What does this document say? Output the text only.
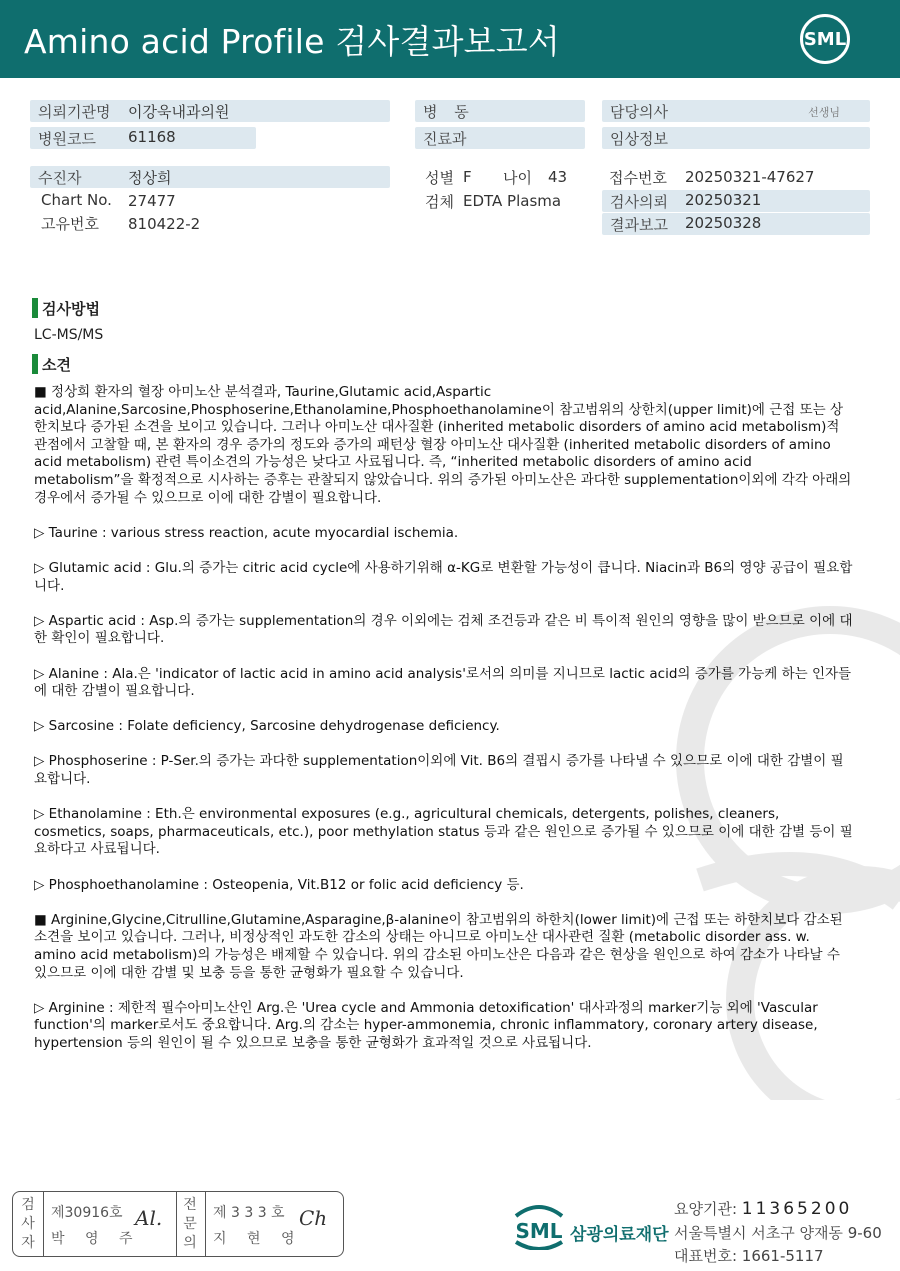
Amino acid Profile 검사결과보고서	SML
의뢰기관명 이강욱내과의원
병원코드 61168
병 동
진료과
담당의사	선생님
임상정보
수진자	정상희
Chart No. 27477
고유번호 810422-2
성별 F 나이 43
검체 EDTA Plasma
접수번호 20250321-47627
검사의뢰 20250321
결과보고 20250328
검사방법
LC-MS/MS
소견

■ 정상희 환자의 혈장 아미노산 분석결과, Taurine,Glutamic acid,Aspartic acid,Alanine,Sarcosine,Phosphoserine,Ethanolamine,Phosphoethanolamine이 참고범위의 상한치(upper limit)에 근접 또는 상한치보다 증가된 소견을 보이고 있습니다. 그러나 아미노산 대사질환 (inherited metabolic disorders of amino acid metabolism)적 관점에서 고찰할 때, 본 환자의 경우 증가의 정도와 증가의 패턴상 혈장 아미노산 대사질환 (inherited metabolic disorders of amino acid metabolism) 관련 특이소견의 가능성은 낮다고 사료됩니다. 즉, “inherited metabolic disorders of amino acid metabolism”을 확정적으로 시사하는 증후는 관찰되지 않았습니다. 위의 증가된 아미노산은 과다한 supplementation이외에 각각 아래의 경우에서 증가될 수 있으므로 이에 대한 감별이 필요합니다.

▷ Taurine : various stress reaction, acute myocardial ischemia.

▷ Glutamic acid : Glu.의 증가는 citric acid cycle에 사용하기위해 α-KG로 변환할 가능성이 큽니다. Niacin과 B6의 영양 공급이 필요합니다.

▷ Aspartic acid : Asp.의 증가는 supplementation의 경우 이외에는 검체 조건등과 같은 비 특이적 원인의 영향을 많이 받으므로 이에 대한 확인이 필요합니다.

▷ Alanine : Ala.은 'indicator of lactic acid in amino acid analysis'로서의 의미를 지니므로 lactic acid의 증가를 가능케 하는 인자들에 대한 감별이 필요합니다.

▷ Sarcosine : Folate deficiency, Sarcosine dehydrogenase deficiency.

▷ Phosphoserine : P-Ser.의 증가는 과다한 supplementation이외에 Vit. B6의 결핍시 증가를 나타낼 수 있으므로 이에 대한 감별이 필요합니다.

▷ Ethanolamine : Eth.은 environmental exposures (e.g., agricultural chemicals, detergents, polishes, cleaners, cosmetics, soaps, pharmaceuticals, etc.), poor methylation status 등과 같은 원인으로 증가될 수 있으므로 이에 대한 감별 등이 필요하다고 사료됩니다.

▷ Phosphoethanolamine : Osteopenia, Vit.B12 or folic acid deficiency 등.

■ Arginine,Glycine,Citrulline,Glutamine,Asparagine,β-alanine이 참고범위의 하한치(lower limit)에 근접 또는 하한치보다 감소된 소견을 보이고 있습니다. 그러나, 비정상적인 과도한 감소의 상태는 아니므로 아미노산 대사관련 질환 (metabolic disorder ass. w. amino acid metabolism)의 가능성은 배제할 수 있습니다. 위의 감소된 아미노산은 다음과 같은 현상을 원인으로 하여 감소가 나타날 수 있으므로 이에 대한 감별 및 보충 등을 통한 균형화가 필요할 수 있습니다.

▷ Arginine : 제한적 필수아미노산인 Arg.은 'Urea cycle and Ammonia detoxification' 대사과정의 marker기능 외에 'Vascular function'의 marker로서도 중요합니다. Arg.의 감소는 hyper-ammonemia, chronic inflammatory, coronary artery disease, hypertension 등의 원인이 될 수 있으므로 보충을 통한 균형화가 효과적일 것으로 사료됩니다.

검
사
자
제30916호
박 영 주
Al.
전
문
의
제 3 3 3 호
지 현 영
Ch
SML 삼광의료재단
요양기관: 11365200
서울특별시 서초구 양재동 9-60
대표번호: 1661-5117
